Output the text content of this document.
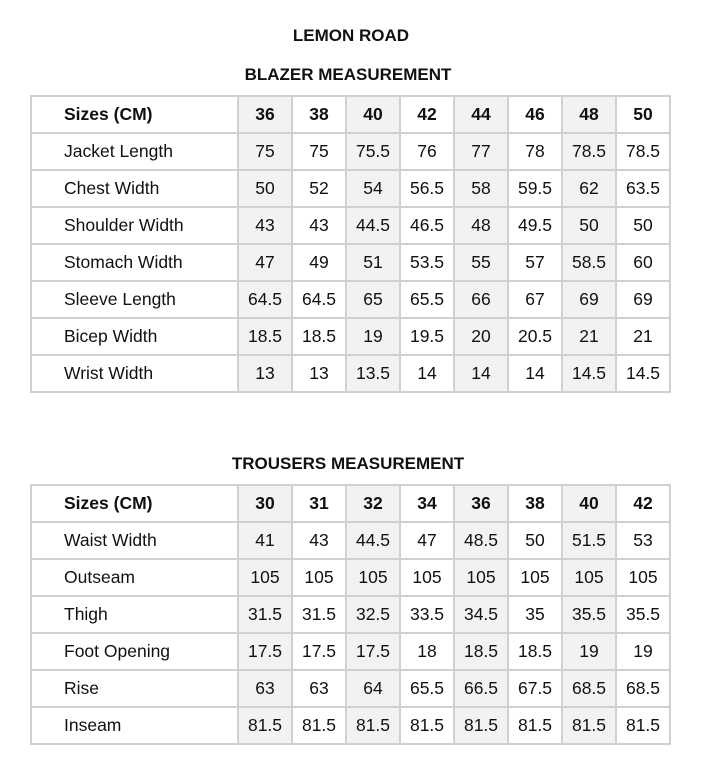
LEMON ROAD
BLAZER MEASUREMENT
Sizes (CM)	36	38	40	42	44	46	48	50
Jacket Length	75	75	75.5	76	77	78	78.5	78.5
Chest Width	50	52	54	56.5	58	59.5	62	63.5
Shoulder Width	43	43	44.5	46.5	48	49.5	50	50
Stomach Width	47	49	51	53.5	55	57	58.5	60
Sleeve Length	64.5	64.5	65	65.5	66	67	69	69
Bicep Width	18.5	18.5	19	19.5	20	20.5	21	21
Wrist Width	13	13	13.5	14	14	14	14.5	14.5
TROUSERS MEASUREMENT
Sizes (CM)	30	31	32	34	36	38	40	42
Waist Width	41	43	44.5	47	48.5	50	51.5	53
Outseam	105	105	105	105	105	105	105	105
Thigh	31.5	31.5	32.5	33.5	34.5	35	35.5	35.5
Foot Opening	17.5	17.5	17.5	18	18.5	18.5	19	19
Rise	63	63	64	65.5	66.5	67.5	68.5	68.5
Inseam	81.5	81.5	81.5	81.5	81.5	81.5	81.5	81.5
